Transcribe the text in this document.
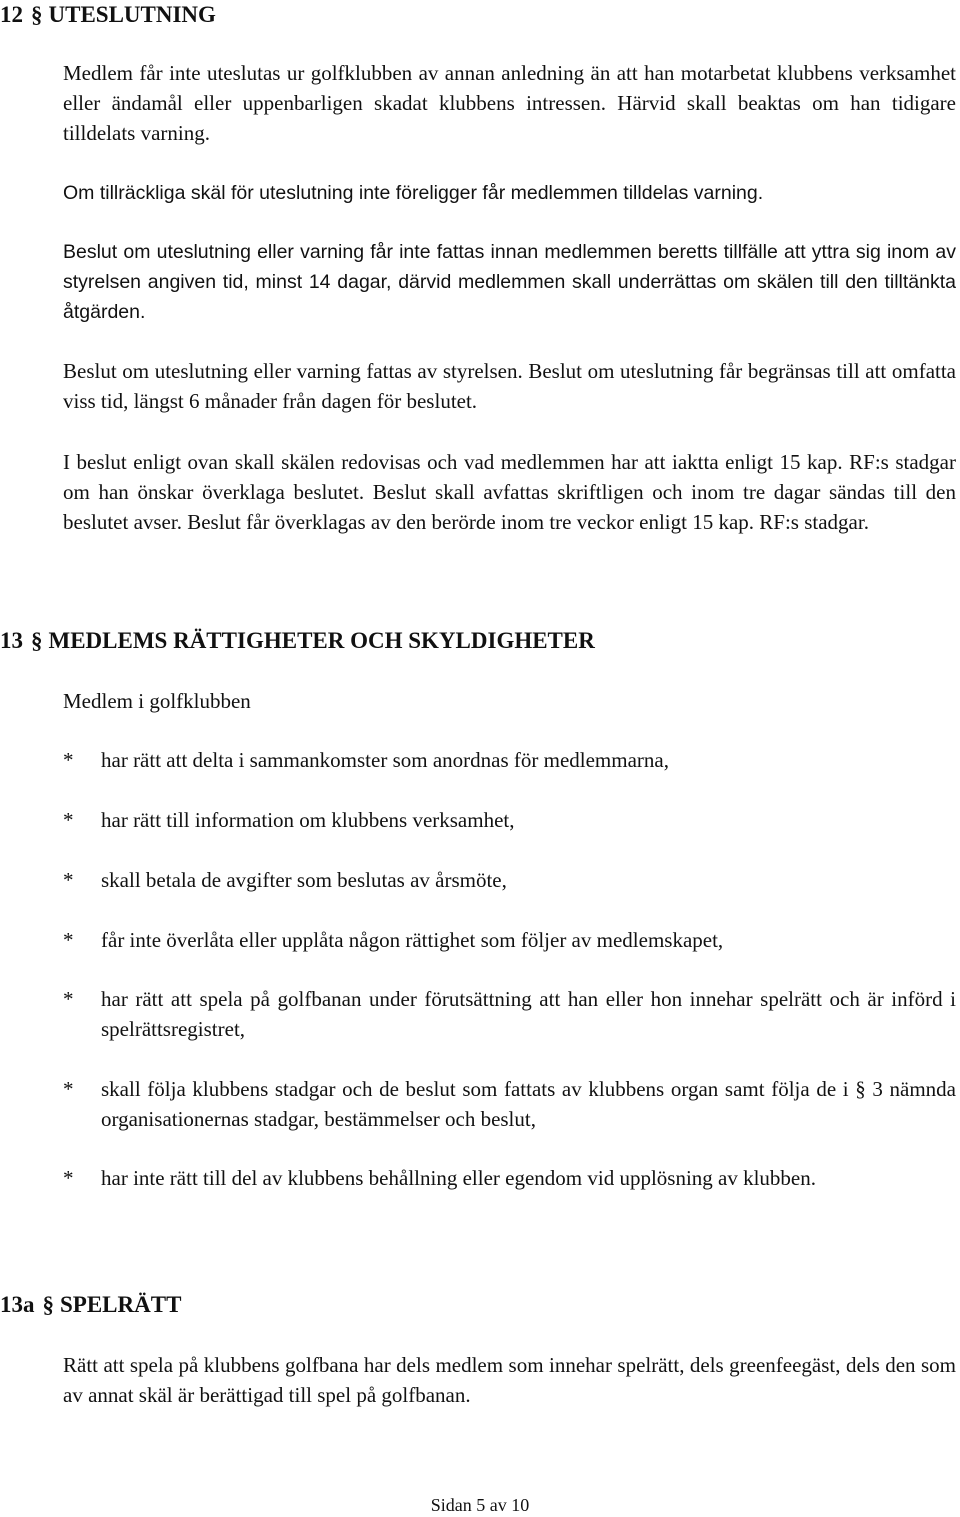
12 § UTESLUTNING
Medlem får inte uteslutas ur golfklubben av annan anledning än att han motarbetat klubbens verksamhet eller ändamål eller uppenbarligen skadat klubbens intressen. Härvid skall beaktas om han tidigare tilldelats varning.
Om tillräckliga skäl för uteslutning inte föreligger får medlemmen tilldelas varning.
Beslut om uteslutning eller varning får inte fattas innan medlemmen beretts tillfälle att yttra sig inom av styrelsen angiven tid, minst 14 dagar, därvid medlemmen skall underrättas om skälen till den tilltänkta åtgärden.
Beslut om uteslutning eller varning fattas av styrelsen. Beslut om uteslutning får begränsas till att omfatta viss tid, längst 6 månader från dagen för beslutet.
I beslut enligt ovan skall skälen redovisas och vad medlemmen har att iakttа enligt 15 kap. RF:s stadgar om han önskar överklaga beslutet. Beslut skall avfattas skriftligen och inom tre dagar sändas till den beslutet avser. Beslut får överklagas av den berörde inom tre veckor enligt 15 kap. RF:s stadgar.
13 § MEDLEMS RÄTTIGHETER OCH SKYLDIGHETER
Medlem i golfklubben
* har rätt att delta i sammankomster som anordnas för medlemmarna,
* har rätt till information om klubbens verksamhet,
* skall betala de avgifter som beslutas av årsmöte,
* får inte överlåta eller upplåta någon rättighet som följer av medlemskapet,
* har rätt att spela på golfbanan under förutsättning att han eller hon innehar spelrätt och är införd i spelrättsregistret,
* skall följa klubbens stadgar och de beslut som fattats av klubbens organ samt följa de i § 3 nämnda organisationernas stadgar, bestämmelser och beslut,
* har inte rätt till del av klubbens behållning eller egendom vid upplösning av klubben.
13a § SPELRÄTT
Rätt att spela på klubbens golfbana har dels medlem som innehar spelrätt, dels greenfeegäst, dels den som av annat skäl är berättigad till spel på golfbanan.
Sidan 5 av 10
